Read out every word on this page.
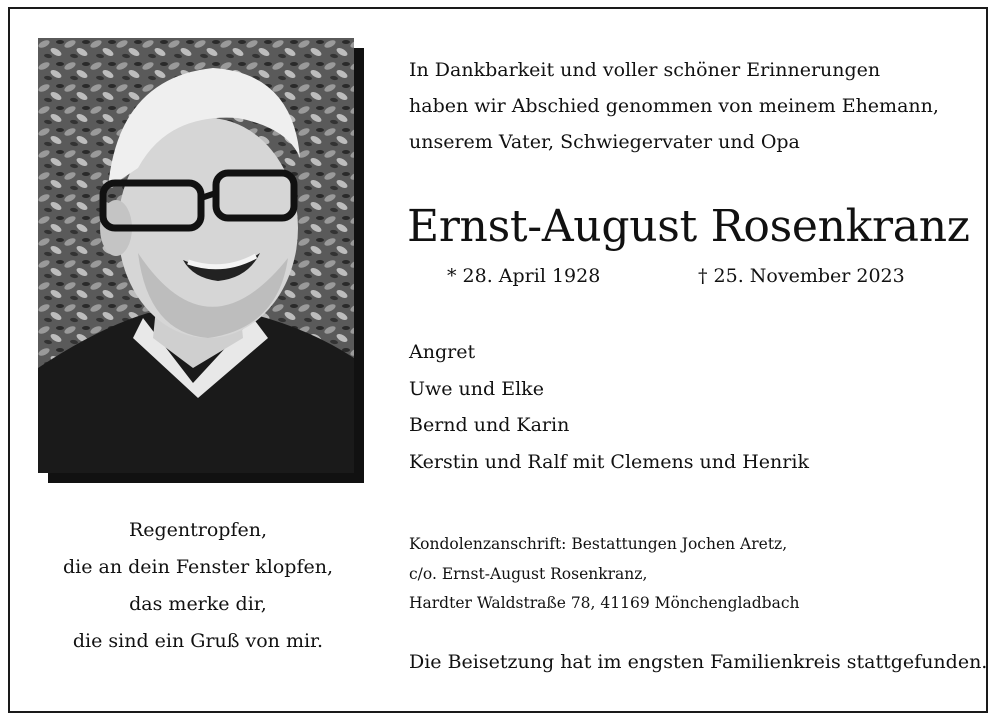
In Dankbarkeit und voller schöner Erinnerungen
haben wir Abschied genommen von meinem Ehemann,
unserem Vater, Schwiegervater und Opa
Ernst-August Rosenkranz
* 28. April 1928	† 25. November 2023
Angret
Uwe und Elke
Bernd und Karin
Kerstin und Ralf mit Clemens und Henrik
Regentropfen,
die an dein Fenster klopfen,
das merke dir,
die sind ein Gruß von mir.
Kondolenzanschrift: Bestattungen Jochen Aretz,
c/o. Ernst-August Rosenkranz,
Hardter Waldstraße 78, 41169 Mönchengladbach
Die Beisetzung hat im engsten Familienkreis stattgefunden.
